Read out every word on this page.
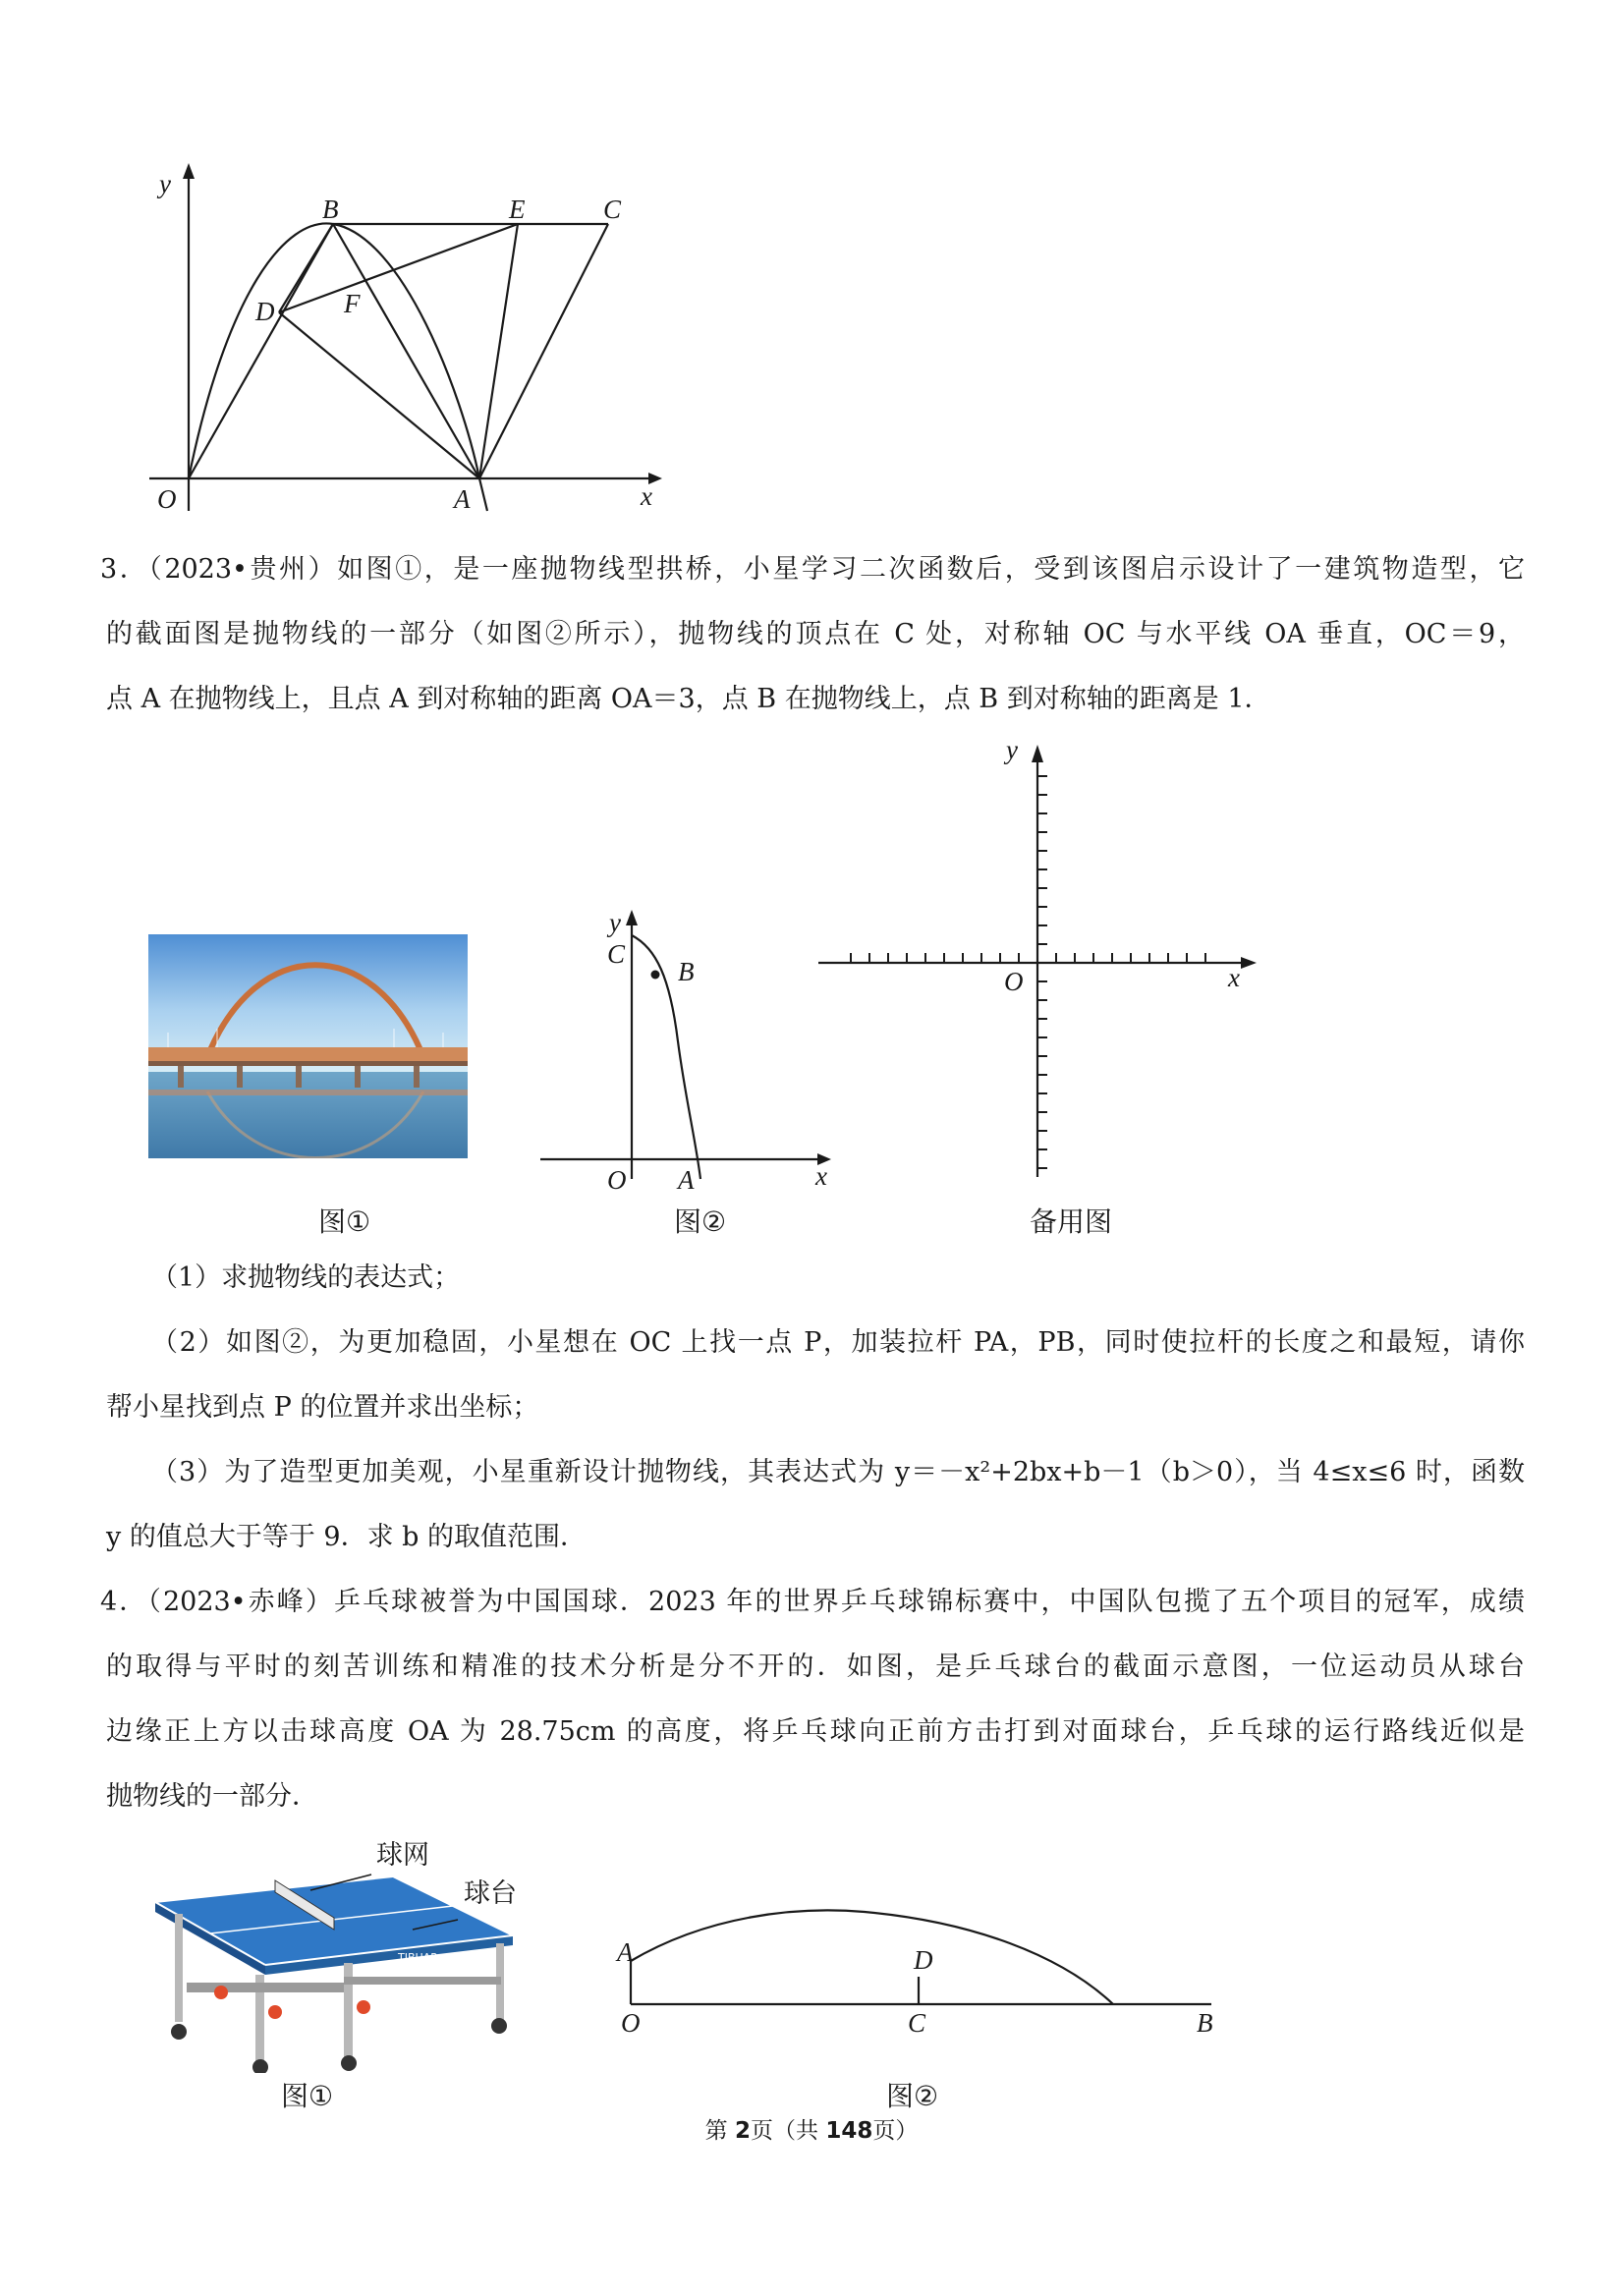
y
x
O	A
B	E	C
D	F
3．（2023•贵州）如图①，是一座抛物线型拱桥，小星学习二次函数后，受到该图启示设计了一建筑物造型，它
的截面图是抛物线的一部分（如图②所示），抛物线的顶点在 C 处，对称轴 OC 与水平线 OA 垂直，OC＝9，
点 A 在抛物线上，且点 A 到对称轴的距离 OA＝3，点 B 在抛物线上，点 B 到对称轴的距离是 1．
图①
y
x
O A
C
B
图②
y
x
O
备用图
（1）求抛物线的表达式；
（2）如图②，为更加稳固，小星想在 OC 上找一点 P，加装拉杆 PA，PB，同时使拉杆的长度之和最短，请你
帮小星找到点 P 的位置并求出坐标；
（3）为了造型更加美观，小星重新设计抛物线，其表达式为 y＝－x²+2bx+b－1（b＞0），当 4≤x≤6 时，函数
y 的值总大于等于 9．求 b 的取值范围．
4．（2023•赤峰）乒乓球被誉为中国国球．2023 年的世界乒乓球锦标赛中，中国队包揽了五个项目的冠军，成绩
的取得与平时的刻苦训练和精准的技术分析是分不开的．如图，是乒乓球台的截面示意图，一位运动员从球台
边缘正上方以击球高度 OA 为 28.75cm 的高度，将乒乓球向正前方击打到对面球台，乒乓球的运行路线近似是
抛物线的一部分．
TIBHAR
球网
球台
图①
A
O	C
D
B
图②
第 2页（共 148页）
